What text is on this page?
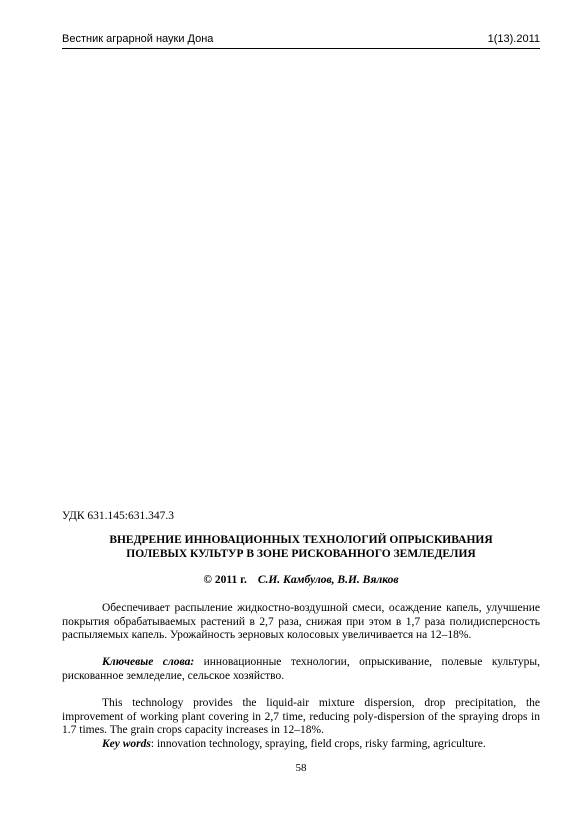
Вестник аграрной науки Дона	1(13).2011
УДК 631.145:631.347.3
ВНЕДРЕНИЕ ИННОВАЦИОННЫХ ТЕХНОЛОГИЙ ОПРЫСКИВАНИЯ
ПОЛЕВЫХ КУЛЬТУР В ЗОНЕ РИСКОВАННОГО ЗЕМЛЕДЕЛИЯ
© 2011 г. С.И. Камбулов, В.И. Вялков

Обеспечивает распыление жидкостно-воздушной смеси, осаждение капель, улучшение покрытия обрабатываемых растений в 2,7 раза, снижая при этом в 1,7 раза полидисперсность распыляемых капель. Урожайность зерновых колосовых увеличивается на 12–18%.

Ключевые слова: инновационные технологии, опрыскивание, полевые культуры, рискованное земледелие, сельское хозяйство.

This technology provides the liquid-air mixture dispersion, drop precipitation, the improvement of working plant covering in 2,7 time, reducing poly-dispersion of the spraying drops in 1.7 times. The grain crops capacity increases in 12–18%.

Key words: innovation technology, spraying, field crops, risky farming, agriculture.

58
